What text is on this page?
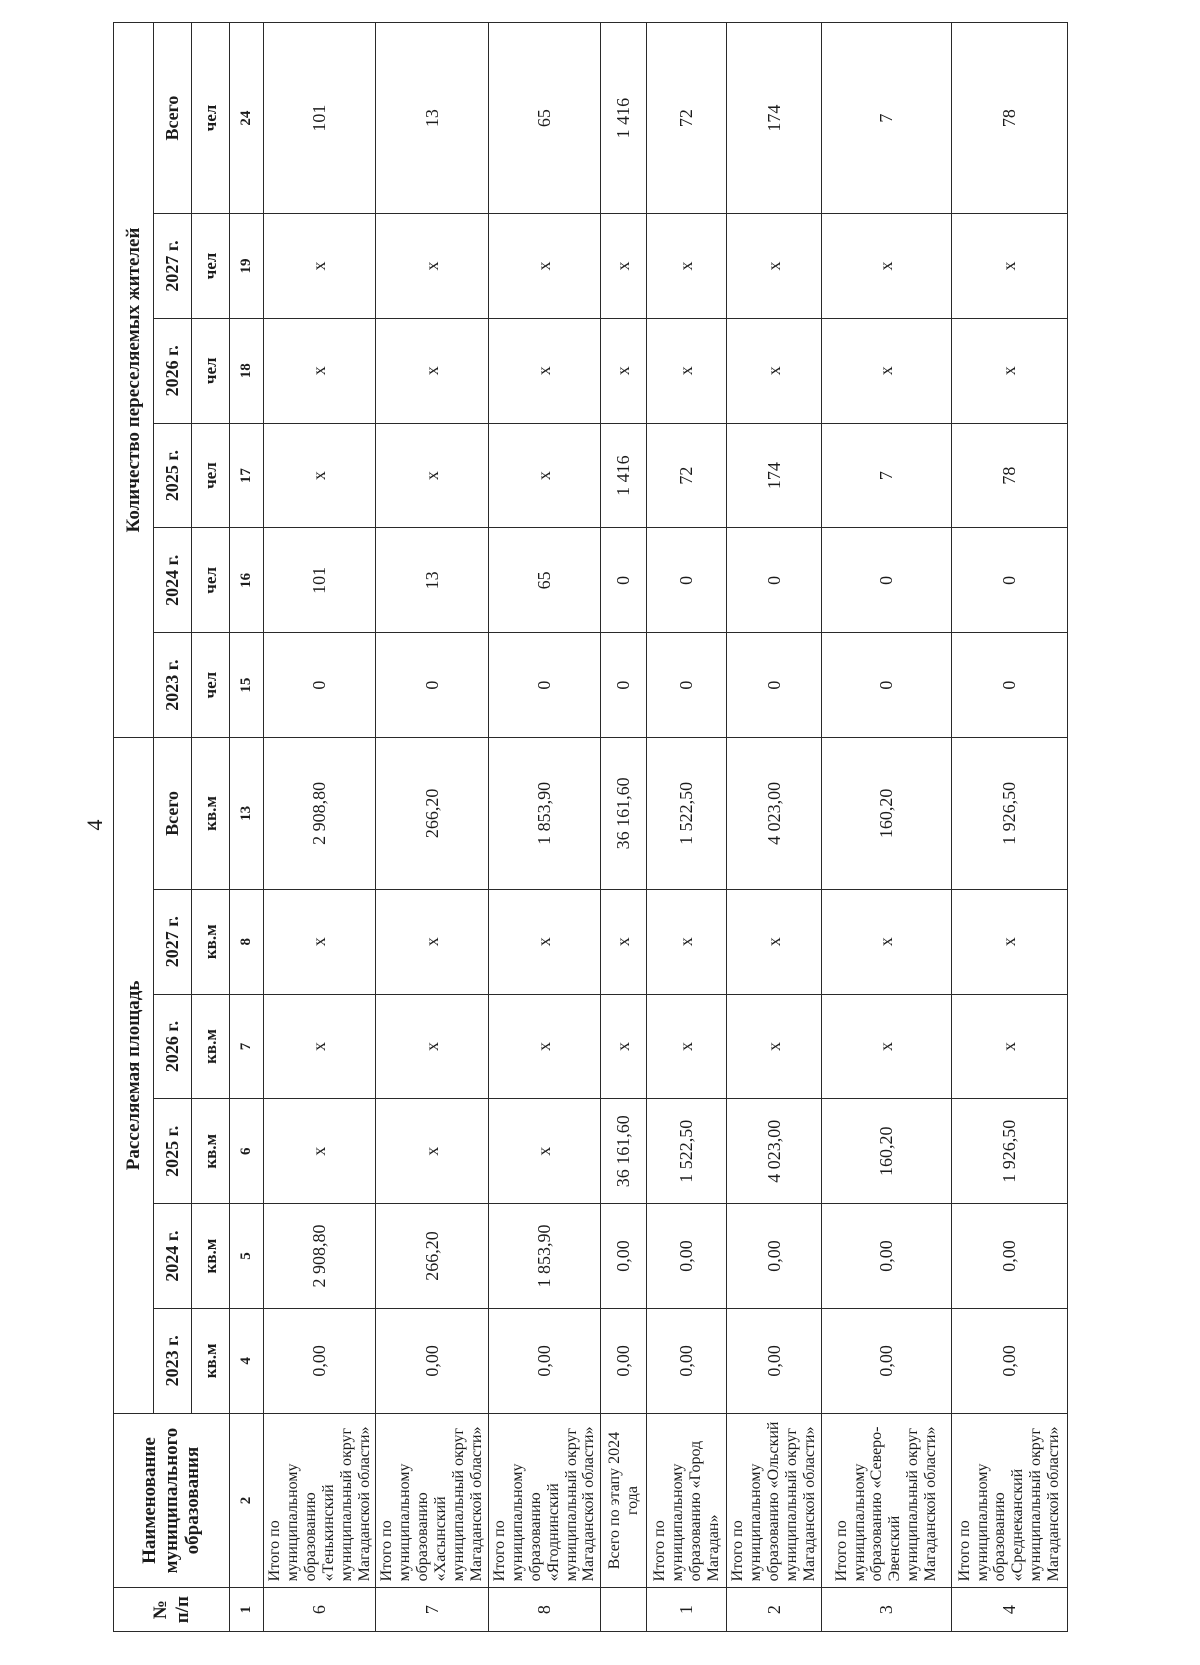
4
№ п/п	Наименование муниципального образования	Расселяемая площадь						Количество переселяемых жителей					
		2023 г.	2024 г.	2025 г.	2026 г.	2027 г.	Всего	2023 г.	2024 г.	2025 г.	2026 г.	2027 г.	Всего
		кв.м	кв.м	кв.м	кв.м	кв.м	кв.м	чел	чел	чел	чел	чел	чел
1	2	4	5	6	7	8	13	15	16	17	18	19	24
6	Итого по муниципальному образованию «Тенькинский муниципальный округ Магаданской области»	0,00	2 908,80	x	x	x	2 908,80	0	101	x	x	x	101
7	Итого по муниципальному образованию «Хасынский муниципальный округ Магаданской области»	0,00	266,20	x	x	x	266,20	0	13	x	x	x	13
8	Итого по муниципальному образованию «Ягоднинский муниципальный округ Магаданской области»	0,00	1 853,90	x	x	x	1 853,90	0	65	x	x	x	65
	Всего по этапу 2024 года	0,00	0,00	36 161,60	x	x	36 161,60	0	0	1 416	x	x	1 416
1	Итого по муниципальному образованию «Город Магадан»	0,00	0,00	1 522,50	x	x	1 522,50	0	0	72	x	x	72
2	Итого по муниципальному образованию «Ольский муниципальный округ Магаданской области»	0,00	0,00	4 023,00	x	x	4 023,00	0	0	174	x	x	174
3	Итого по муниципальному образованию «Северо-Эвенский муниципальный округ Магаданской области»	0,00	0,00	160,20	x	x	160,20	0	0	7	x	x	7
4	Итого по муниципальному образованию «Среднеканский муниципальный округ Магаданской области»	0,00	0,00	1 926,50	x	x	1 926,50	0	0	78	x	x	78
